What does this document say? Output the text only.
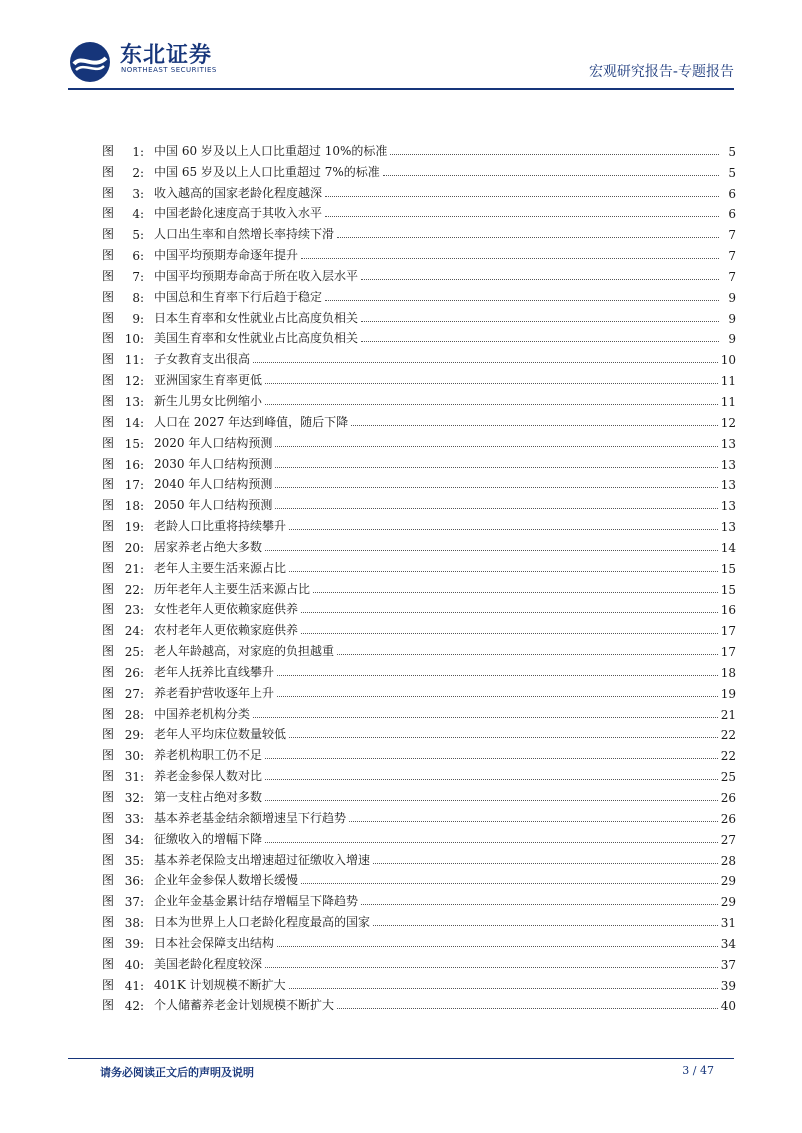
东北证券
NORTHEAST SECURITIES	宏观研究报告-专题报告
图	1: 中国 60 岁及以上人口比重超过 10%的标准	5
图	2: 中国 65 岁及以上人口比重超过 7%的标准	5
图	3: 收入越高的国家老龄化程度越深	6
图	4: 中国老龄化速度高于其收入水平	6
图	5: 人口出生率和自然增长率持续下滑	7
图	6: 中国平均预期寿命逐年提升	7
图	7: 中国平均预期寿命高于所在收入层水平	7
图	8: 中国总和生育率下行后趋于稳定	9
图	9: 日本生育率和女性就业占比高度负相关	9
图 10: 美国生育率和女性就业占比高度负相关	9
图 11: 子女教育支出很高	10
图 12: 亚洲国家生育率更低	11
图 13: 新生儿男女比例缩小	11
图 14: 人口在 2027 年达到峰值，随后下降	12
图 15: 2020 年人口结构预测	13
图 16: 2030 年人口结构预测	13
图 17: 2040 年人口结构预测	13
图 18: 2050 年人口结构预测	13
图 19: 老龄人口比重将持续攀升	13
图 20: 居家养老占绝大多数	14
图 21: 老年人主要生活来源占比	15
图 22: 历年老年人主要生活来源占比	15
图 23: 女性老年人更依赖家庭供养	16
图 24: 农村老年人更依赖家庭供养	17
图 25: 老人年龄越高，对家庭的负担越重	17
图 26: 老年人抚养比直线攀升	18
图 27: 养老看护营收逐年上升	19
图 28: 中国养老机构分类	21
图 29: 老年人平均床位数量较低	22
图 30: 养老机构职工仍不足	22
图 31: 养老金参保人数对比	25
图 32: 第一支柱占绝对多数	26
图 33: 基本养老基金结余额增速呈下行趋势	26
图 34: 征缴收入的增幅下降	27
图 35: 基本养老保险支出增速超过征缴收入增速	28
图 36: 企业年金参保人数增长缓慢	29
图 37: 企业年金基金累计结存增幅呈下降趋势	29
图 38: 日本为世界上人口老龄化程度最高的国家	31
图 39: 日本社会保障支出结构	34
图 40: 美国老龄化程度较深	37
图 41: 401K 计划规模不断扩大	39
图 42: 个人储蓄养老金计划规模不断扩大	40
请务必阅读正文后的声明及说明	3 / 47
